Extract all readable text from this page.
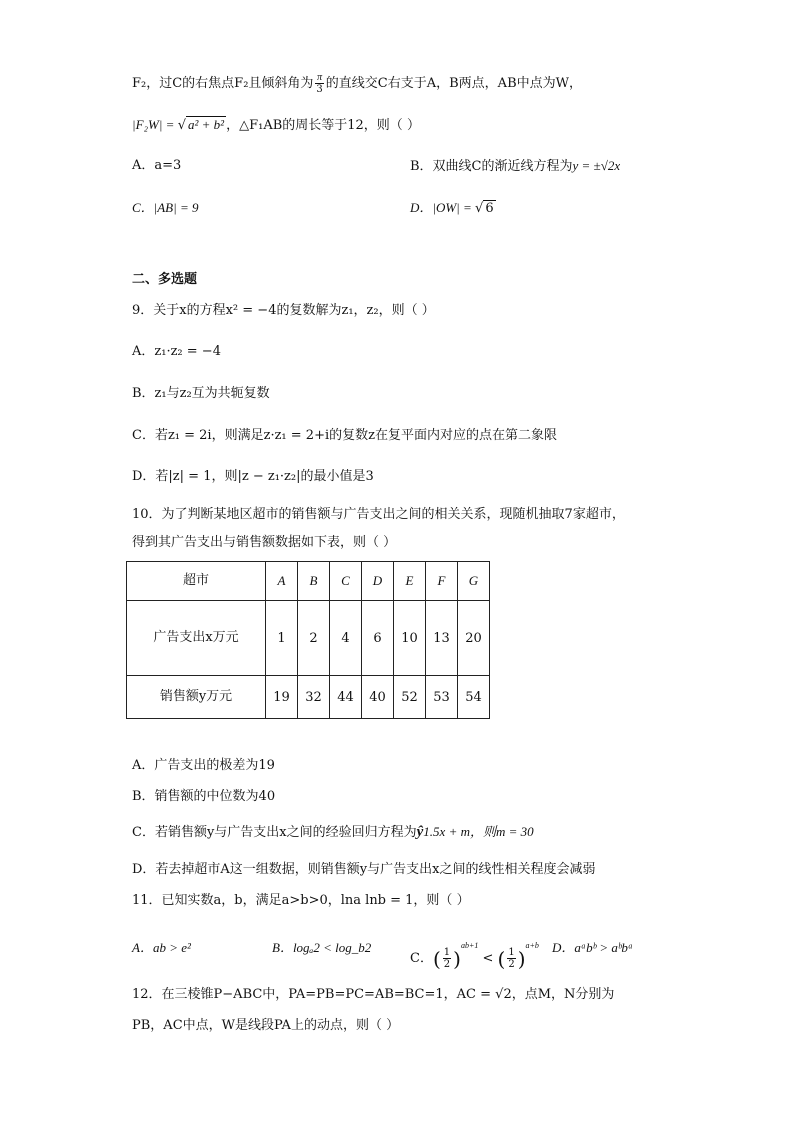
F₂，过C的右焦点F₂且倾斜角为 $\frac{\pi}{3}$ 的直线交C右支于A，B两点，AB中点为W，
|F₂W| = √ a² + b² ，△F₁AB的周长等于12，则（ ）
A．a=3	B．双曲线C的渐近线方程为y = ±√2x
C．|AB| = 9	D．|OW| = √ 6
二、多选题
9．关于x的方程x² = −4的复数解为z₁，z₂，则（ ）
A．z₁·z₂ = −4
B．z₁与z₂互为共轭复数
C．若z₁ = 2i，则满足z·z₁ = 2+i的复数z在复平面内对应的点在第二象限
D．若|z| = 1，则|z − z₁·z₂|的最小值是3
10．为了判断某地区超市的销售额与广告支出之间的相关关系，现随机抽取7家超市，
得到其广告支出与销售额数据如下表，则（ ）
超市	A	B	C	D	E	F	G

广告支出x万元	1	2	4	6	10	13	20
销售额y万元	19	32	44	40	52	53	54
A．广告支出的极差为19
B．销售额的中位数为40
C．若销售额y与广告支出x之间的经验回归方程为ŷ1.5x + m，则m = 30
D．若去掉超市A这一组数据，则销售额y与广告支出x之间的线性相关程度会减弱
11．已知实数a，b，满足a>b>0，lna lnb = 1，则（ ）
A．ab > e²	B．logₐ2 < log_b2
C．( $\frac{1}{2} )^{ab+1}$ < ( $\frac{1}{2} )^{a+b}$ D．aᵃbᵇ > aᵇbᵃ
12．在三棱锥P−ABC中，PA=PB=PC=AB=BC=1，AC = √2，点M，N分别为
PB，AC中点，W是线段PA上的动点，则（ ）
